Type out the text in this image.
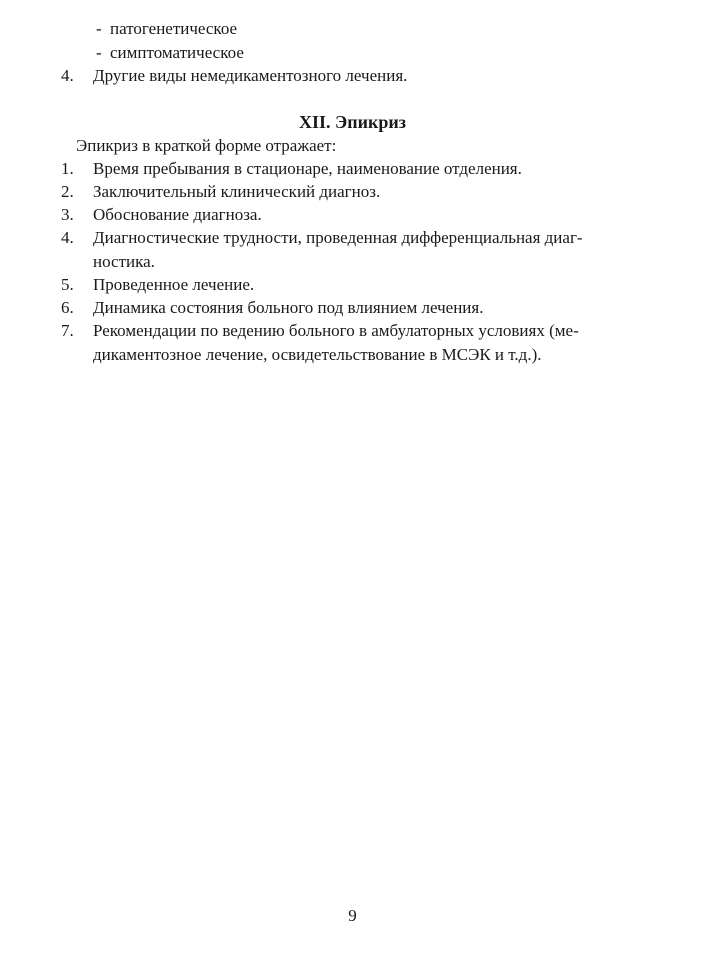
- патогенетическое
- симптоматическое
4.	Другие виды немедикаментозного лечения.
XII. Эпикриз
Эпикриз в краткой форме отражает:
1.	Время пребывания в стационаре, наименование отделения.
2.	Заключительный клинический диагноз.
3.	Обоснование диагноза.
4.	Диагностические трудности, проведенная дифференциальная диаг-
ностика.
5.	Проведенное лечение.
6.	Динамика состояния больного под влиянием лечения.
7.	Рекомендации по ведению больного в амбулаторных условиях (ме-
дикаментозное лечение, освидетельствование в МСЭК и т.д.).
9
